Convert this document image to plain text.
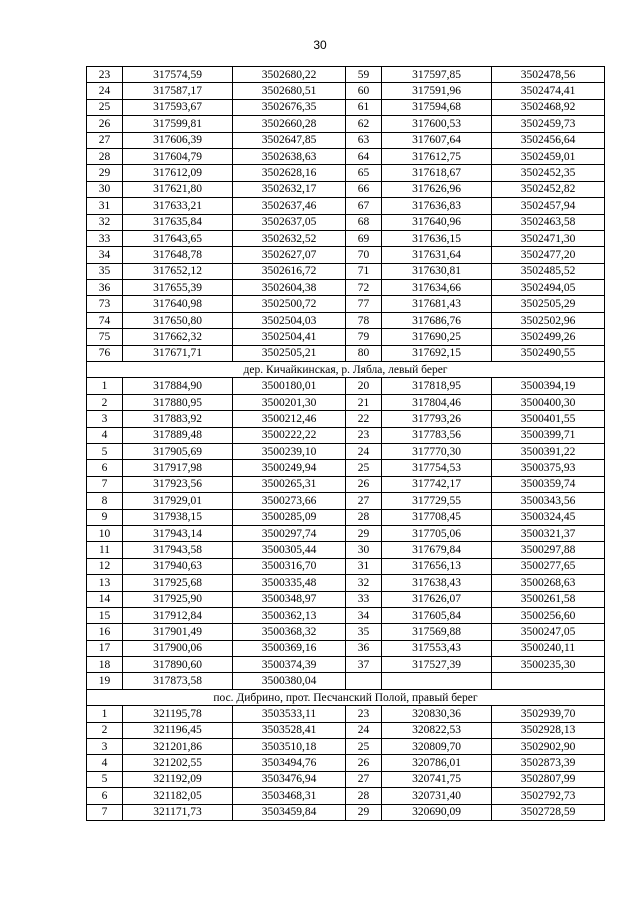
30
23	317574,59	3502680,22	59	317597,85	3502478,56
24	317587,17	3502680,51	60	317591,96	3502474,41
25	317593,67	3502676,35	61	317594,68	3502468,92
26	317599,81	3502660,28	62	317600,53	3502459,73
27	317606,39	3502647,85	63	317607,64	3502456,64
28	317604,79	3502638,63	64	317612,75	3502459,01
29	317612,09	3502628,16	65	317618,67	3502452,35
30	317621,80	3502632,17	66	317626,96	3502452,82
31	317633,21	3502637,46	67	317636,83	3502457,94
32	317635,84	3502637,05	68	317640,96	3502463,58
33	317643,65	3502632,52	69	317636,15	3502471,30
34	317648,78	3502627,07	70	317631,64	3502477,20
35	317652,12	3502616,72	71	317630,81	3502485,52
36	317655,39	3502604,38	72	317634,66	3502494,05
73	317640,98	3502500,72	77	317681,43	3502505,29
74	317650,80	3502504,03	78	317686,76	3502502,96
75	317662,32	3502504,41	79	317690,25	3502499,26
76	317671,71	3502505,21	80	317692,15	3502490,55
дер. Кичайкинская, р. Лябла, левый берег					
1	317884,90	3500180,01	20	317818,95	3500394,19
2	317880,95	3500201,30	21	317804,46	3500400,30
3	317883,92	3500212,46	22	317793,26	3500401,55
4	317889,48	3500222,22	23	317783,56	3500399,71
5	317905,69	3500239,10	24	317770,30	3500391,22
6	317917,98	3500249,94	25	317754,53	3500375,93
7	317923,56	3500265,31	26	317742,17	3500359,74
8	317929,01	3500273,66	27	317729,55	3500343,56
9	317938,15	3500285,09	28	317708,45	3500324,45
10	317943,14	3500297,74	29	317705,06	3500321,37
11	317943,58	3500305,44	30	317679,84	3500297,88
12	317940,63	3500316,70	31	317656,13	3500277,65
13	317925,68	3500335,48	32	317638,43	3500268,63
14	317925,90	3500348,97	33	317626,07	3500261,58
15	317912,84	3500362,13	34	317605,84	3500256,60
16	317901,49	3500368,32	35	317569,88	3500247,05
17	317900,06	3500369,16	36	317553,43	3500240,11
18	317890,60	3500374,39	37	317527,39	3500235,30
19	317873,58	3500380,04			
пос. Дибрино, прот. Песчанский Полой, правый берег					
1	321195,78	3503533,11	23	320830,36	3502939,70
2	321196,45	3503528,41	24	320822,53	3502928,13
3	321201,86	3503510,18	25	320809,70	3502902,90
4	321202,55	3503494,76	26	320786,01	3502873,39
5	321192,09	3503476,94	27	320741,75	3502807,99
6	321182,05	3503468,31	28	320731,40	3502792,73
7	321171,73	3503459,84	29	320690,09	3502728,59
